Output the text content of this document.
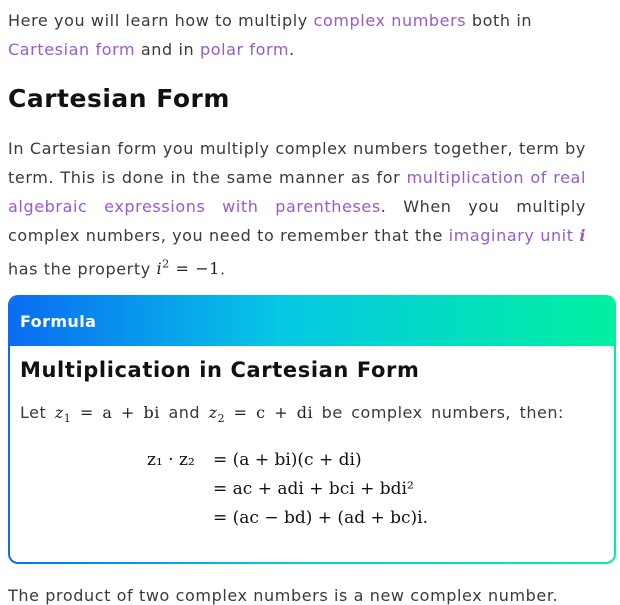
Here you will learn how to multiply complex numbers both in
Cartesian form and in polar form.

Cartesian Form

In Cartesian form you multiply complex numbers together, term by term. This is done in the same manner as for multiplication of real algebraic expressions with parentheses. When you multiply complex numbers, you need to remember that the imaginary unit i has the property $i^2 = -1$.

Formula
Multiplication in Cartesian Form
Let $z_1 = a$ + bi and $z_2 = c$ + di be complex numbers, then:
z₁ · z₂ = (a + bi)(c + di)
= ac + adi + bci + bdi²
= (ac − bd) + (ad + bc)i.
The product of two complex numbers is a new complex number.
